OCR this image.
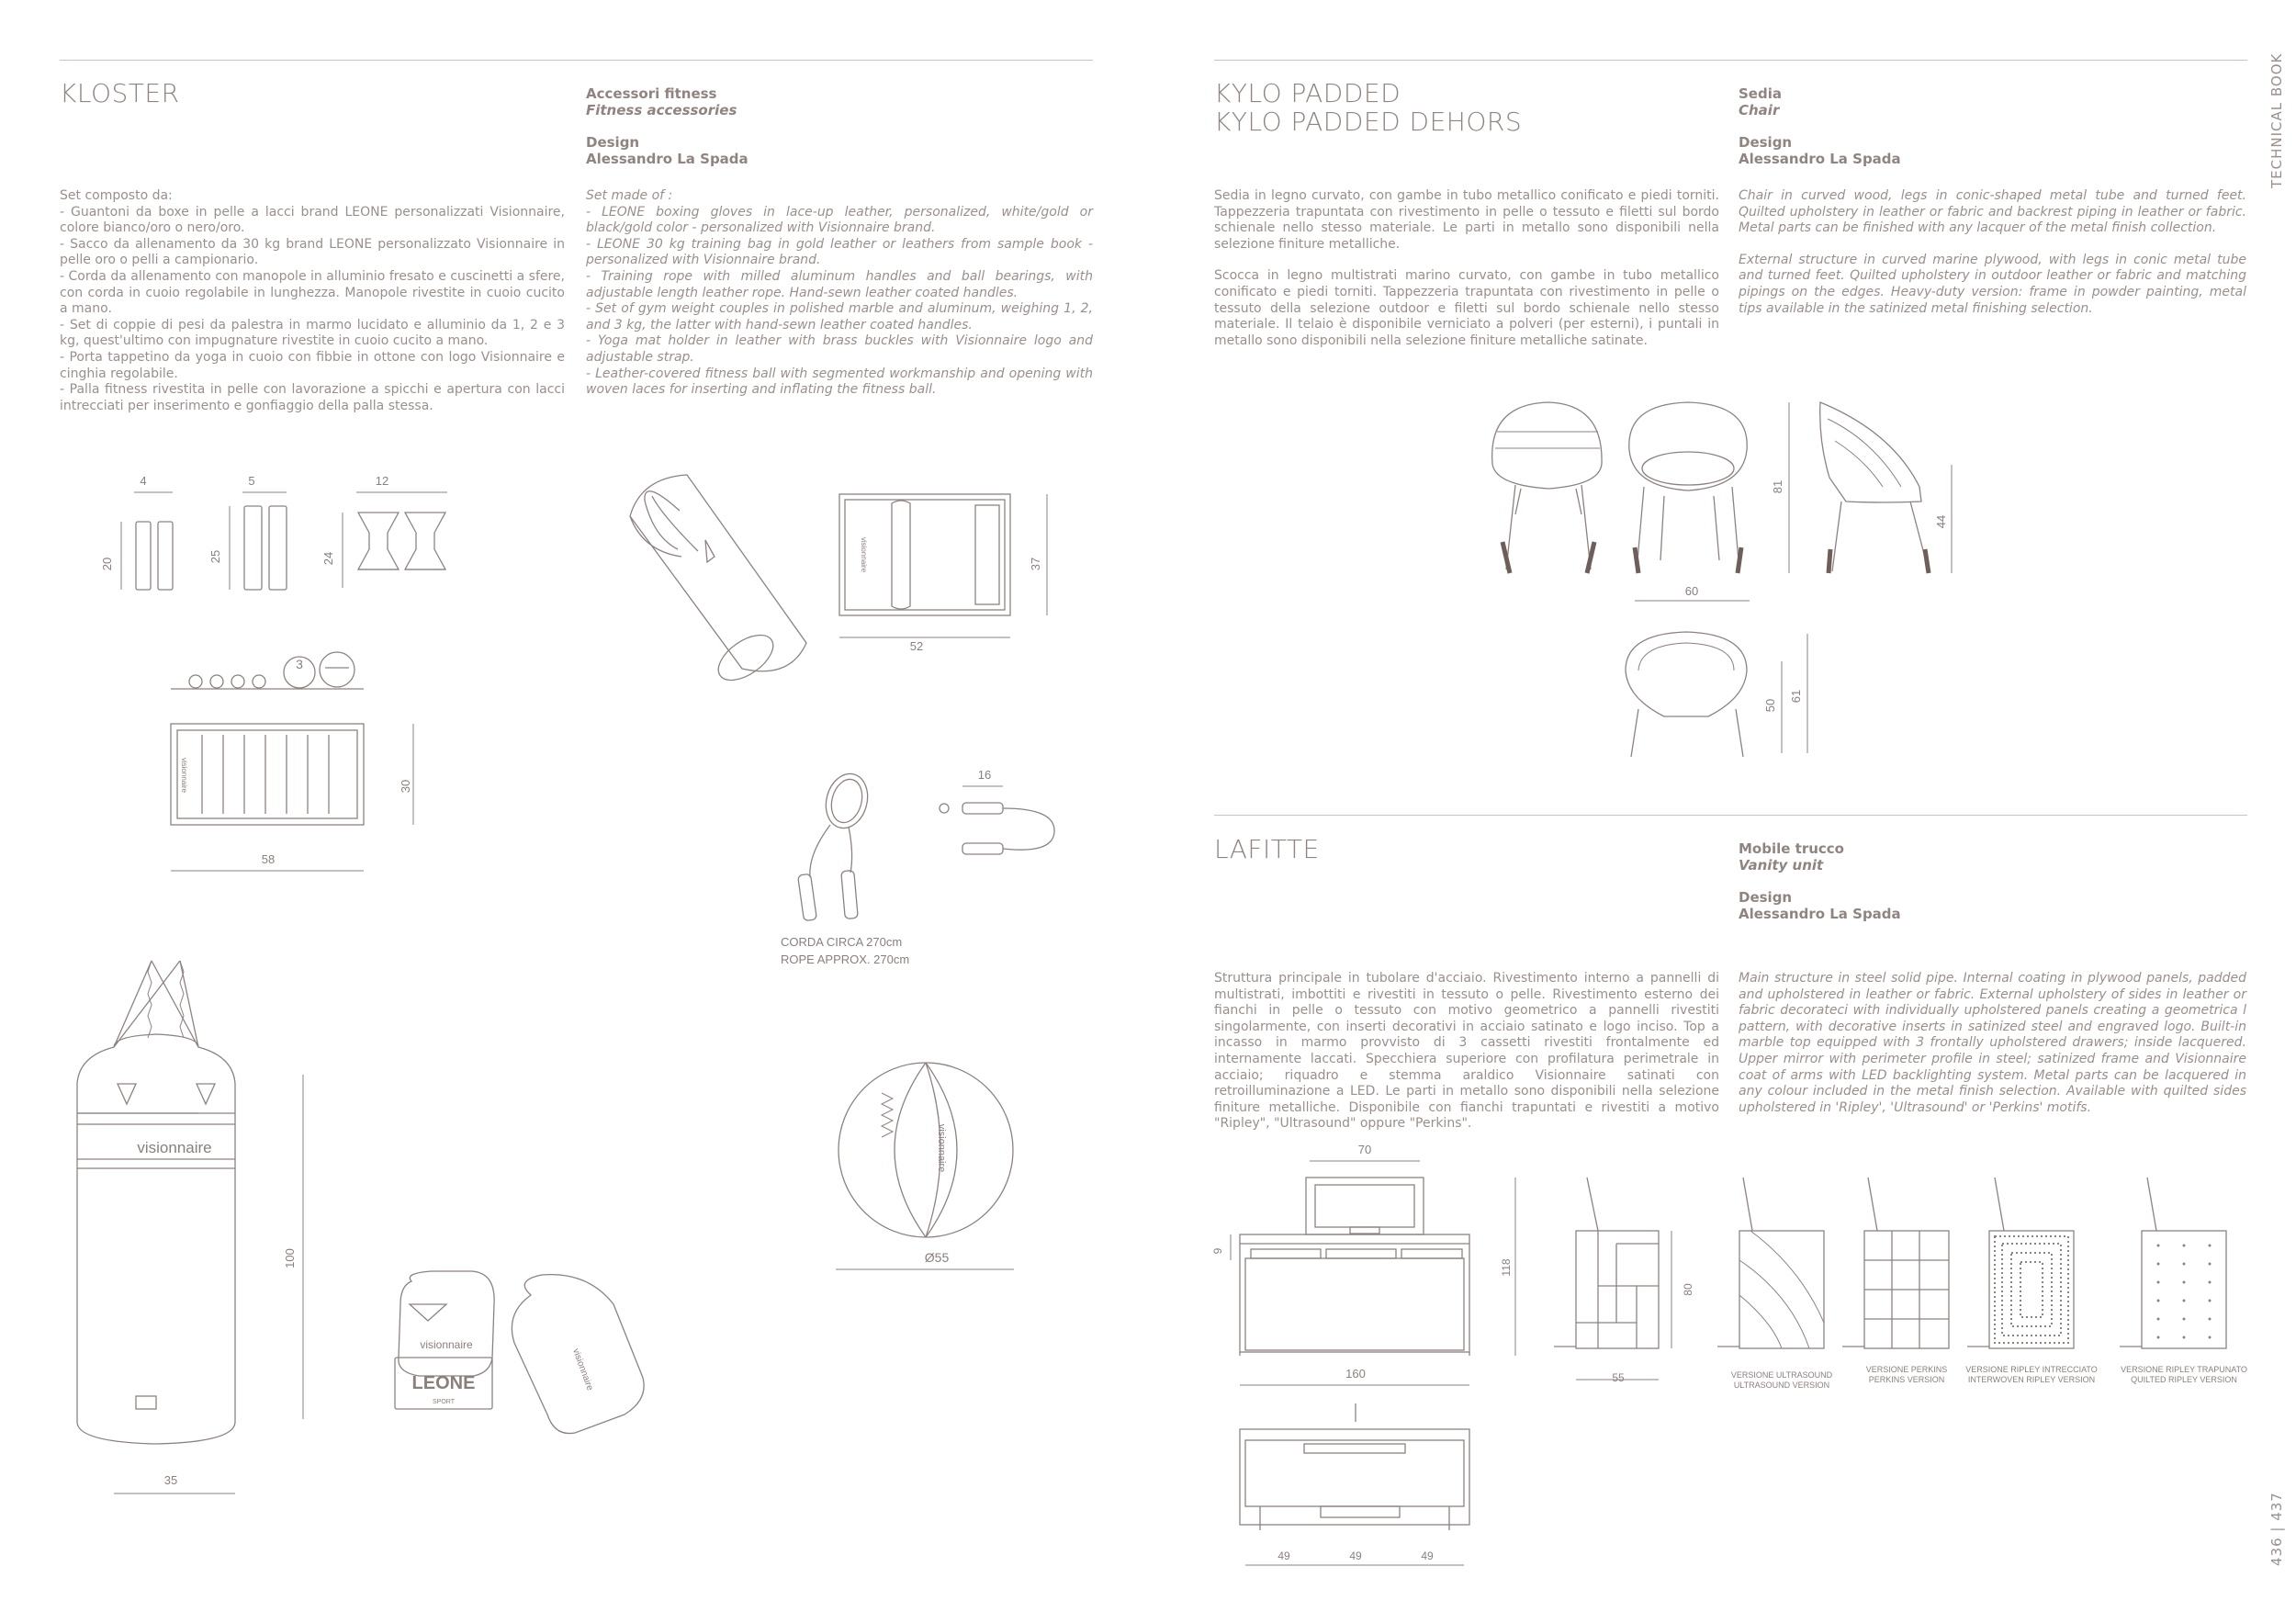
TECHNICAL BOOK
436 | 437
KLOSTER	Accessori fitness
Fitness accessories
Design
Alessandro La Spada
Set composto da:
- Guantoni da boxe in pelle a lacci brand LEONE personalizzati Visionnaire, colore bianco/oro o nero/oro.
- Sacco da allenamento da 30 kg brand LEONE personalizzato Visionnaire in pelle oro o pelli a campionario.
- Corda da allenamento con manopole in alluminio fresato e cuscinetti a sfere, con corda in cuoio regolabile in lunghezza. Manopole rivestite in cuoio cucito a mano.
- Set di coppie di pesi da palestra in marmo lucidato e alluminio da 1, 2 e 3 kg, quest'ultimo con impugnature rivestite in cuoio cucito a mano.
- Porta tappetino da yoga in cuoio con fibbie in ottone con logo Visionnaire e cinghia regolabile.
- Palla fitness rivestita in pelle con lavorazione a spicchi e apertura con lacci intrecciati per inserimento e gonfiaggio della palla stessa.
Set made of :
- LEONE boxing gloves in lace-up leather, personalized, white/gold or black/gold color - personalized with Visionnaire brand.
- LEONE 30 kg training bag in gold leather or leathers from sample book - personalized with Visionnaire brand.
- Training rope with milled aluminum handles and ball bearings, with adjustable length leather rope. Hand-sewn leather coated handles.
- Set of gym weight couples in polished marble and aluminum, weighing 1, 2, and 3 kg, the latter with hand-sewn leather coated handles.
- Yoga mat holder in leather with brass buckles with Visionnaire logo and adjustable strap.
- Leather-covered fitness ball with segmented workmanship and opening with woven laces for inserting and inflating the fitness ball.
KYLO PADDED
KYLO PADDED DEHORS
Sedia
Chair
Design
Alessandro La Spada
Sedia in legno curvato, con gambe in tubo metallico conificato e piedi torniti. Tappezzeria trapuntata con rivestimento in pelle o tessuto e filetti sul bordo schienale nello stesso materiale. Le parti in metallo sono disponibili nella selezione finiture metalliche.
Scocca in legno multistrati marino curvato, con gambe in tubo metallico conificato e piedi torniti. Tappezzeria trapuntata con rivestimento in pelle o tessuto della selezione outdoor e filetti sul bordo schienale nello stesso materiale. Il telaio è disponibile verniciato a polveri (per esterni), i puntali in metallo sono disponibili nella selezione finiture metalliche satinate.
Chair in curved wood, legs in conic-shaped metal tube and turned feet. Quilted upholstery in leather or fabric and backrest piping in leather or fabric. Metal parts can be finished with any lacquer of the metal finish collection.
External structure in curved marine plywood, with legs in conic metal tube and turned feet. Quilted upholstery in outdoor leather or fabric and matching pipings on the edges. Heavy-duty version: frame in powder painting, metal tips available in the satinized metal finishing selection.
LAFITTE	Mobile trucco
Vanity unit
Design
Alessandro La Spada

Struttura principale in tubolare d'acciaio. Rivestimento interno a pannelli di multistrati, imbottiti e rivestiti in tessuto o pelle. Rivestimento esterno dei fianchi in pelle o tessuto con motivo geometrico a pannelli rivestiti singolarmente, con inserti decorativi in acciaio satinato e logo inciso. Top a incasso in marmo provvisto di 3 cassetti rivestiti frontalmente ed internamente laccati. Specchiera superiore con profilatura perimetrale in acciaio; riquadro e stemma araldico Visionnaire satinati con retroilluminazione a LED. Le parti in metallo sono disponibili nella selezione finiture metalliche. Disponibile con fianchi trapuntati e rivestiti a motivo "Ripley", "Ultrasound" oppure "Perkins".

Main structure in steel solid pipe. Internal coating in plywood panels, padded and upholstered in leather or fabric. External upholstery of sides in leather or fabric decorateci with individually upholstered panels creating a geometrica l pattern, with decorative inserts in satinized steel and engraved logo. Built-in marble top equipped with 3 frontally upholstered drawers; inside lacquered. Upper mirror with perimeter profile in steel; satinized frame and Visionnaire coat of arms with LED backlighting system. Metal parts can be lacquered in any colour included in the metal finish selection. Available with quilted sides upholstered in 'Ripley', 'Ultrasound' or 'Perkins' motifs.

4	5	12
20
25	24
3
visionnaire	30
58
visionnaire	37
52
16
CORDA CIRCA 270cm
ROPE APPROX. 270cm
visionnaire
100
35
visionnaire
LEONE
SPORT
visionnaire
visionnaire
Ø55
81
44
60
50
61
70
9
118
160
80
55	VERSIONE ULTRASOUND
ULTRASOUND VERSION
VERSIONE PERKINS
PERKINS VERSION
VERSIONE RIPLEY INTRECCIATO
INTERWOVEN RIPLEY VERSION
VERSIONE RIPLEY TRAPUNATO
QUILTED RIPLEY VERSION
49	49	49
